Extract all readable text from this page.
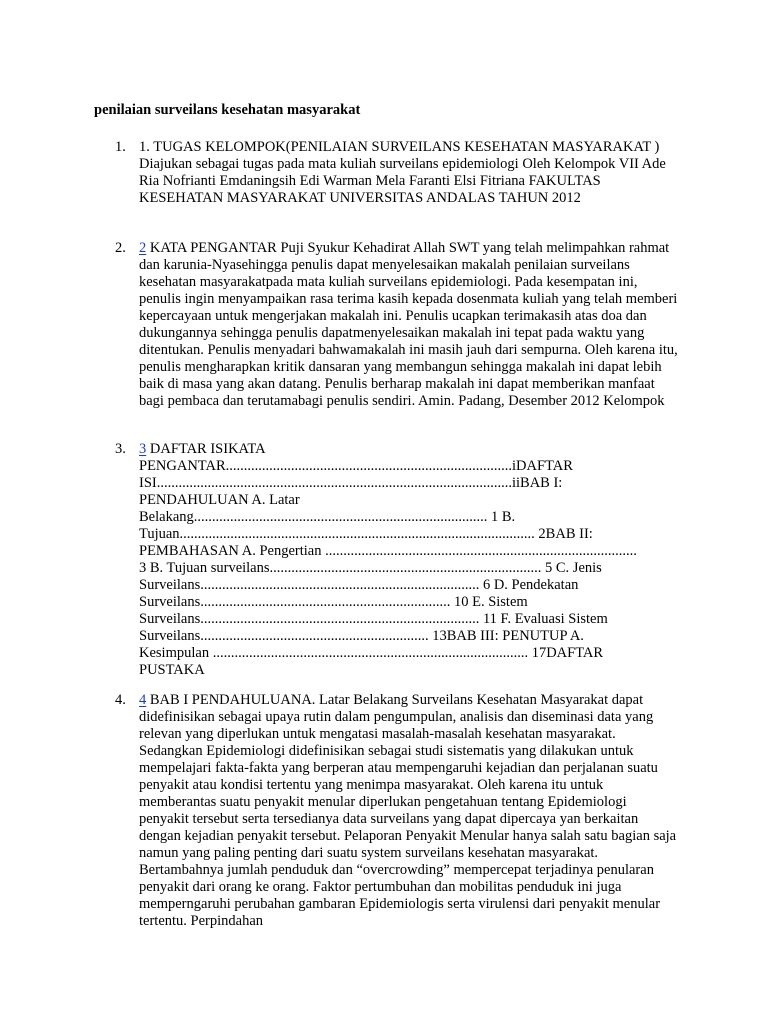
penilaian surveilans kesehatan masyarakat
1. 1. TUGAS KELOMPOK(PENILAIAN SURVEILANS KESEHATAN MASYARAKAT ) Diajukan sebagai tugas pada mata kuliah surveilans epidemiologi Oleh Kelompok VII Ade Ria Nofrianti Emdaningsih Edi Warman Mela Faranti Elsi Fitriana FAKULTAS KESEHATAN MASYARAKAT UNIVERSITAS ANDALAS TAHUN 2012
2. 2 KATA PENGANTAR Puji Syukur Kehadirat Allah SWT yang telah melimpahkan rahmat dan karunia-Nyasehingga penulis dapat menyelesaikan makalah penilaian surveilans kesehatan masyarakatpada mata kuliah surveilans epidemiologi. Pada kesempatan ini, penulis ingin menyampaikan rasa terima kasih kepada dosenmata kuliah yang telah memberi kepercayaan untuk mengerjakan makalah ini. Penulis ucapkan terimakasih atas doa dan dukungannya sehingga penulis dapatmenyelesaikan makalah ini tepat pada waktu yang ditentukan. Penulis menyadari bahwamakalah ini masih jauh dari sempurna. Oleh karena itu, penulis mengharapkan kritik dansaran yang membangun sehingga makalah ini dapat lebih baik di masa yang akan datang. Penulis berharap makalah ini dapat memberikan manfaat bagi pembaca dan terutamabagi penulis sendiri. Amin. Padang, Desember 2012 Kelompok
3. 3 DAFTAR ISIKATA
PENGANTAR...............................................................................iDAFTAR
ISI..................................................................................................iiBAB I:
PENDAHULUAN A. Latar
Belakang................................................................................. 1 B.
Tujuan.................................................................................................. 2BAB II:
PEMBAHASAN A. Pengertian ......................................................................................
3 B. Tujuan surveilans........................................................................... 5 C. Jenis
Surveilans............................................................................. 6 D. Pendekatan
Surveilans..................................................................... 10 E. Sistem
Surveilans............................................................................. 11 F. Evaluasi Sistem
Surveilans............................................................... 13BAB III: PENUTUP A.
Kesimpulan ....................................................................................... 17DAFTAR
PUSTAKA
4. 4 BAB I PENDAHULUANA. Latar Belakang Surveilans Kesehatan Masyarakat dapat didefinisikan sebagai upaya rutin dalam pengumpulan, analisis dan diseminasi data yang relevan yang diperlukan untuk mengatasi masalah-masalah kesehatan masyarakat. Sedangkan Epidemiologi didefinisikan sebagai studi sistematis yang dilakukan untuk mempelajari fakta-fakta yang berperan atau mempengaruhi kejadian dan perjalanan suatu penyakit atau kondisi tertentu yang menimpa masyarakat. Oleh karena itu untuk memberantas suatu penyakit menular diperlukan pengetahuan tentang Epidemiologi penyakit tersebut serta tersedianya data surveilans yang dapat dipercaya yan berkaitan dengan kejadian penyakit tersebut. Pelaporan Penyakit Menular hanya salah satu bagian saja namun yang paling penting dari suatu system surveilans kesehatan masyarakat. Bertambahnya jumlah penduduk dan “overcrowding” mempercepat terjadinya penularan penyakit dari orang ke orang. Faktor pertumbuhan dan mobilitas penduduk ini juga memperngaruhi perubahan gambaran Epidemiologis serta virulensi dari penyakit menular tertentu. Perpindahan
